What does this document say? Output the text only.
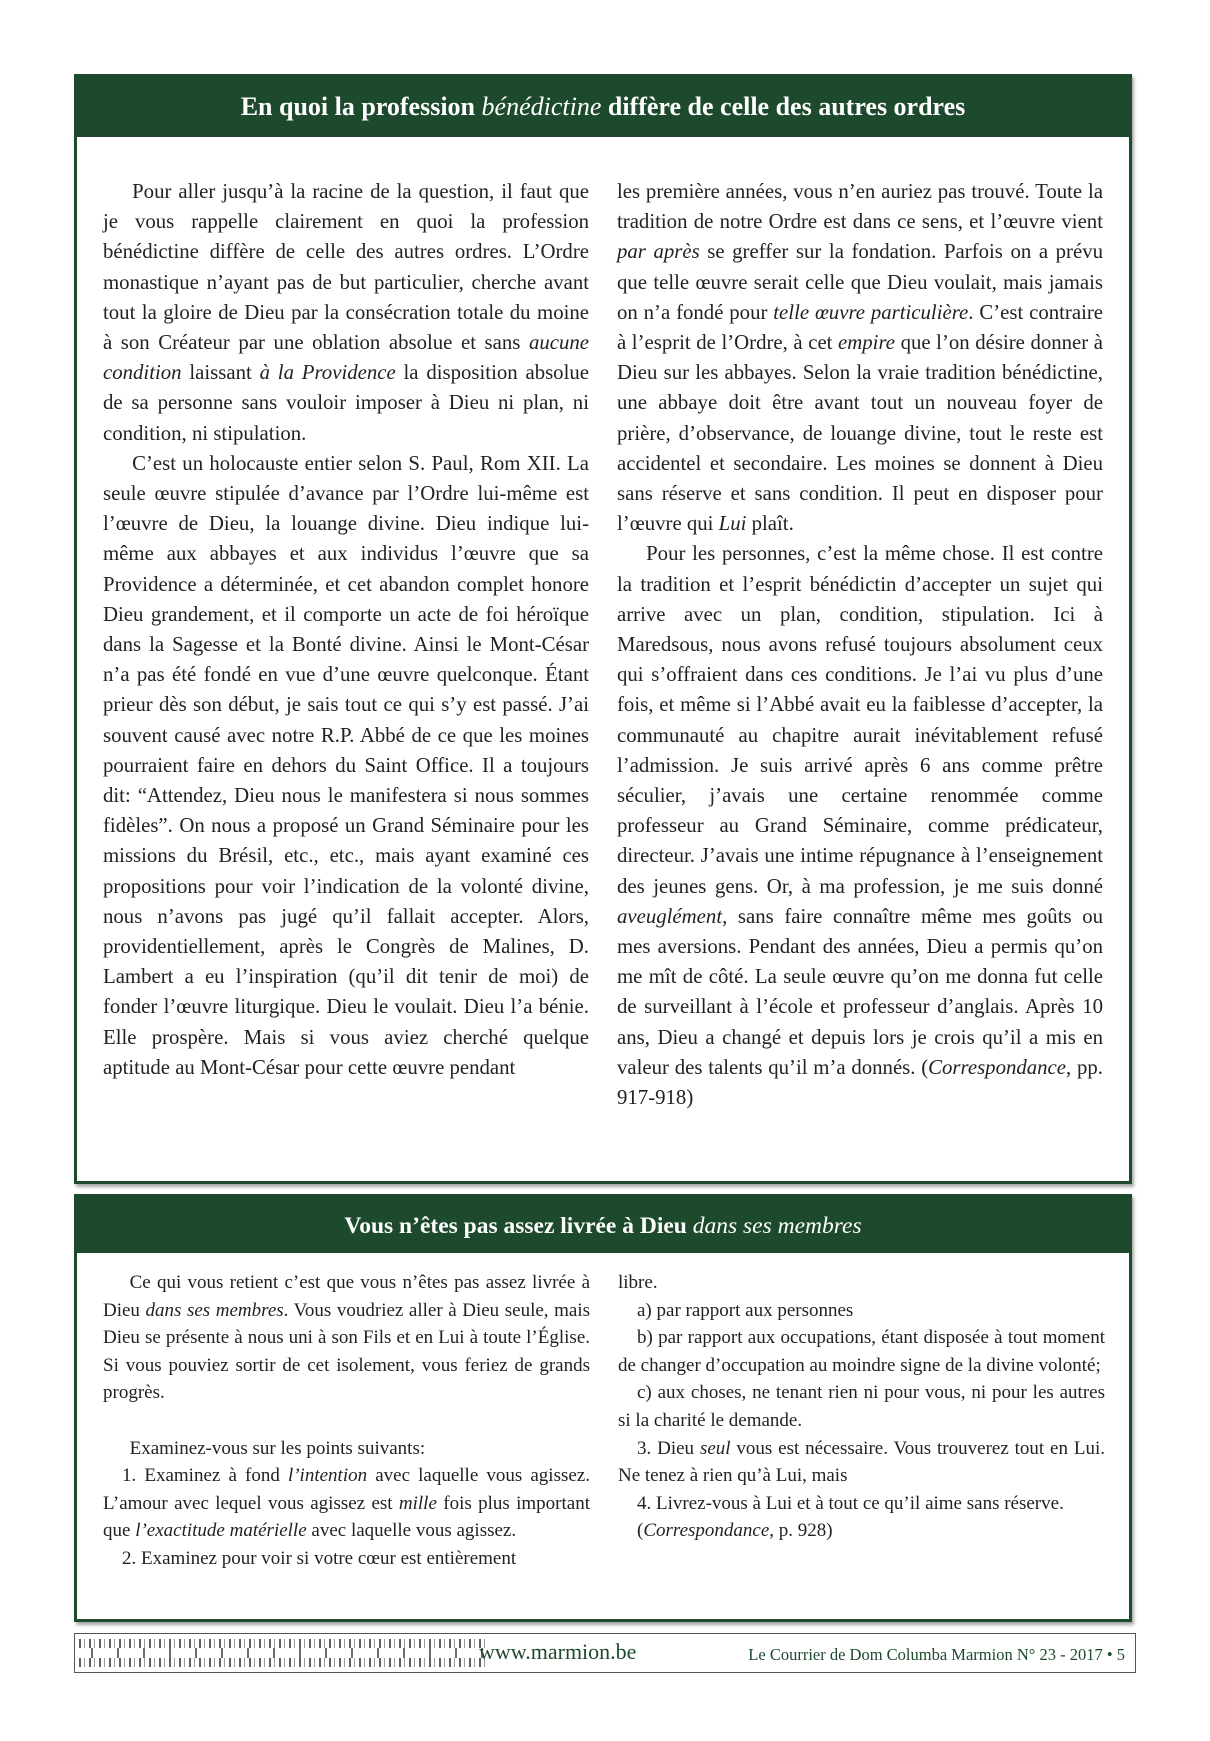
En quoi la profession bénédictine diffère de celle des autres ordres

Pour aller jusqu’à la racine de la question, il faut que je vous rappelle clairement en quoi la profession bénédictine diffère de celle des autres ordres. L’Ordre monastique n’ayant pas de but particulier, cherche avant tout la gloire de Dieu par la consécration totale du moine à son Créateur par une oblation absolue et sans aucune condition laissant à la Providence la disposition absolue de sa personne sans vouloir imposer à Dieu ni plan, ni condition, ni stipulation.

C’est un holocauste entier selon S. Paul, Rom XII. La seule œuvre stipulée d’avance par l’Ordre lui-même est l’œuvre de Dieu, la louange divine. Dieu indique lui-même aux abbayes et aux individus l’œuvre que sa Providence a déterminée, et cet abandon complet honore Dieu grandement, et il comporte un acte de foi héroïque dans la Sagesse et la Bonté divine. Ainsi le Mont-César n’a pas été fondé en vue d’une œuvre quelconque. Étant prieur dès son début, je sais tout ce qui s’y est passé. J’ai souvent causé avec notre R.P. Abbé de ce que les moines pourraient faire en dehors du Saint Office. Il a toujours dit: “Attendez, Dieu nous le manifestera si nous sommes fidèles”. On nous a proposé un Grand Séminaire pour les missions du Brésil, etc., etc., mais ayant examiné ces propositions pour voir l’indication de la volonté divine, nous n’avons pas jugé qu’il fallait accepter. Alors, providentiellement, après le Congrès de Malines, D. Lambert a eu l’inspiration (qu’il dit tenir de moi) de fonder l’œuvre liturgique. Dieu le voulait. Dieu l’a bénie. Elle prospère. Mais si vous aviez cherché quelque aptitude au Mont-César pour cette œuvre pendant

les première années, vous n’en auriez pas trouvé. Toute la tradition de notre Ordre est dans ce sens, et l’œuvre vient par après se greffer sur la fondation. Parfois on a prévu que telle œuvre serait celle que Dieu voulait, mais jamais on n’a fondé pour telle œuvre particulière. C’est contraire à l’esprit de l’Ordre, à cet empire que l’on désire donner à Dieu sur les abbayes. Selon la vraie tradition bénédictine, une abbaye doit être avant tout un nouveau foyer de prière, d’observance, de louange divine, tout le reste est accidentel et secondaire. Les moines se donnent à Dieu sans réserve et sans condition. Il peut en disposer pour l’œuvre qui Lui plaît.

Pour les personnes, c’est la même chose. Il est contre la tradition et l’esprit bénédictin d’accepter un sujet qui arrive avec un plan, condition, stipulation. Ici à Maredsous, nous avons refusé toujours absolument ceux qui s’offraient dans ces conditions. Je l’ai vu plus d’une fois, et même si l’Abbé avait eu la faiblesse d’accepter, la communauté au chapitre aurait inévitablement refusé l’admission. Je suis arrivé après 6 ans comme prêtre séculier, j’avais une certaine renommée comme professeur au Grand Séminaire, comme prédicateur, directeur. J’avais une intime répugnance à l’enseignement des jeunes gens. Or, à ma profession, je me suis donné aveuglément, sans faire connaître même mes goûts ou mes aversions. Pendant des années, Dieu a permis qu’on me mît de côté. La seule œuvre qu’on me donna fut celle de surveillant à l’école et professeur d’anglais. Après 10 ans, Dieu a changé et depuis lors je crois qu’il a mis en valeur des talents qu’il m’a donnés. (Correspondance, pp. 917-918)

Vous n’êtes pas assez livrée à Dieu dans ses membres

Ce qui vous retient c’est que vous n’êtes pas assez livrée à Dieu dans ses membres. Vous voudriez aller à Dieu seule, mais Dieu se présente à nous uni à son Fils et en Lui à toute l’Église. Si vous pouviez sortir de cet isolement, vous feriez de grands progrès.

Examinez-vous sur les points suivants:

1. Examinez à fond l’intention avec laquelle vous agissez. L’amour avec lequel vous agissez est mille fois plus important que l’exactitude matérielle avec laquelle vous agissez.

2. Examinez pour voir si votre cœur est entièrement

libre.

a) par rapport aux personnes

b) par rapport aux occupations, étant disposée à tout moment de changer d’occupation au moindre signe de la divine volonté;

c) aux choses, ne tenant rien ni pour vous, ni pour les autres si la charité le demande.

3. Dieu seul vous est nécessaire. Vous trouverez tout en Lui. Ne tenez à rien qu’à Lui, mais

4. Livrez-vous à Lui et à tout ce qu’il aime sans réserve.

(Correspondance, p. 928)

www.marmion.be	Le Courrier de Dom Columba Marmion N° 23 - 2017 • 5
